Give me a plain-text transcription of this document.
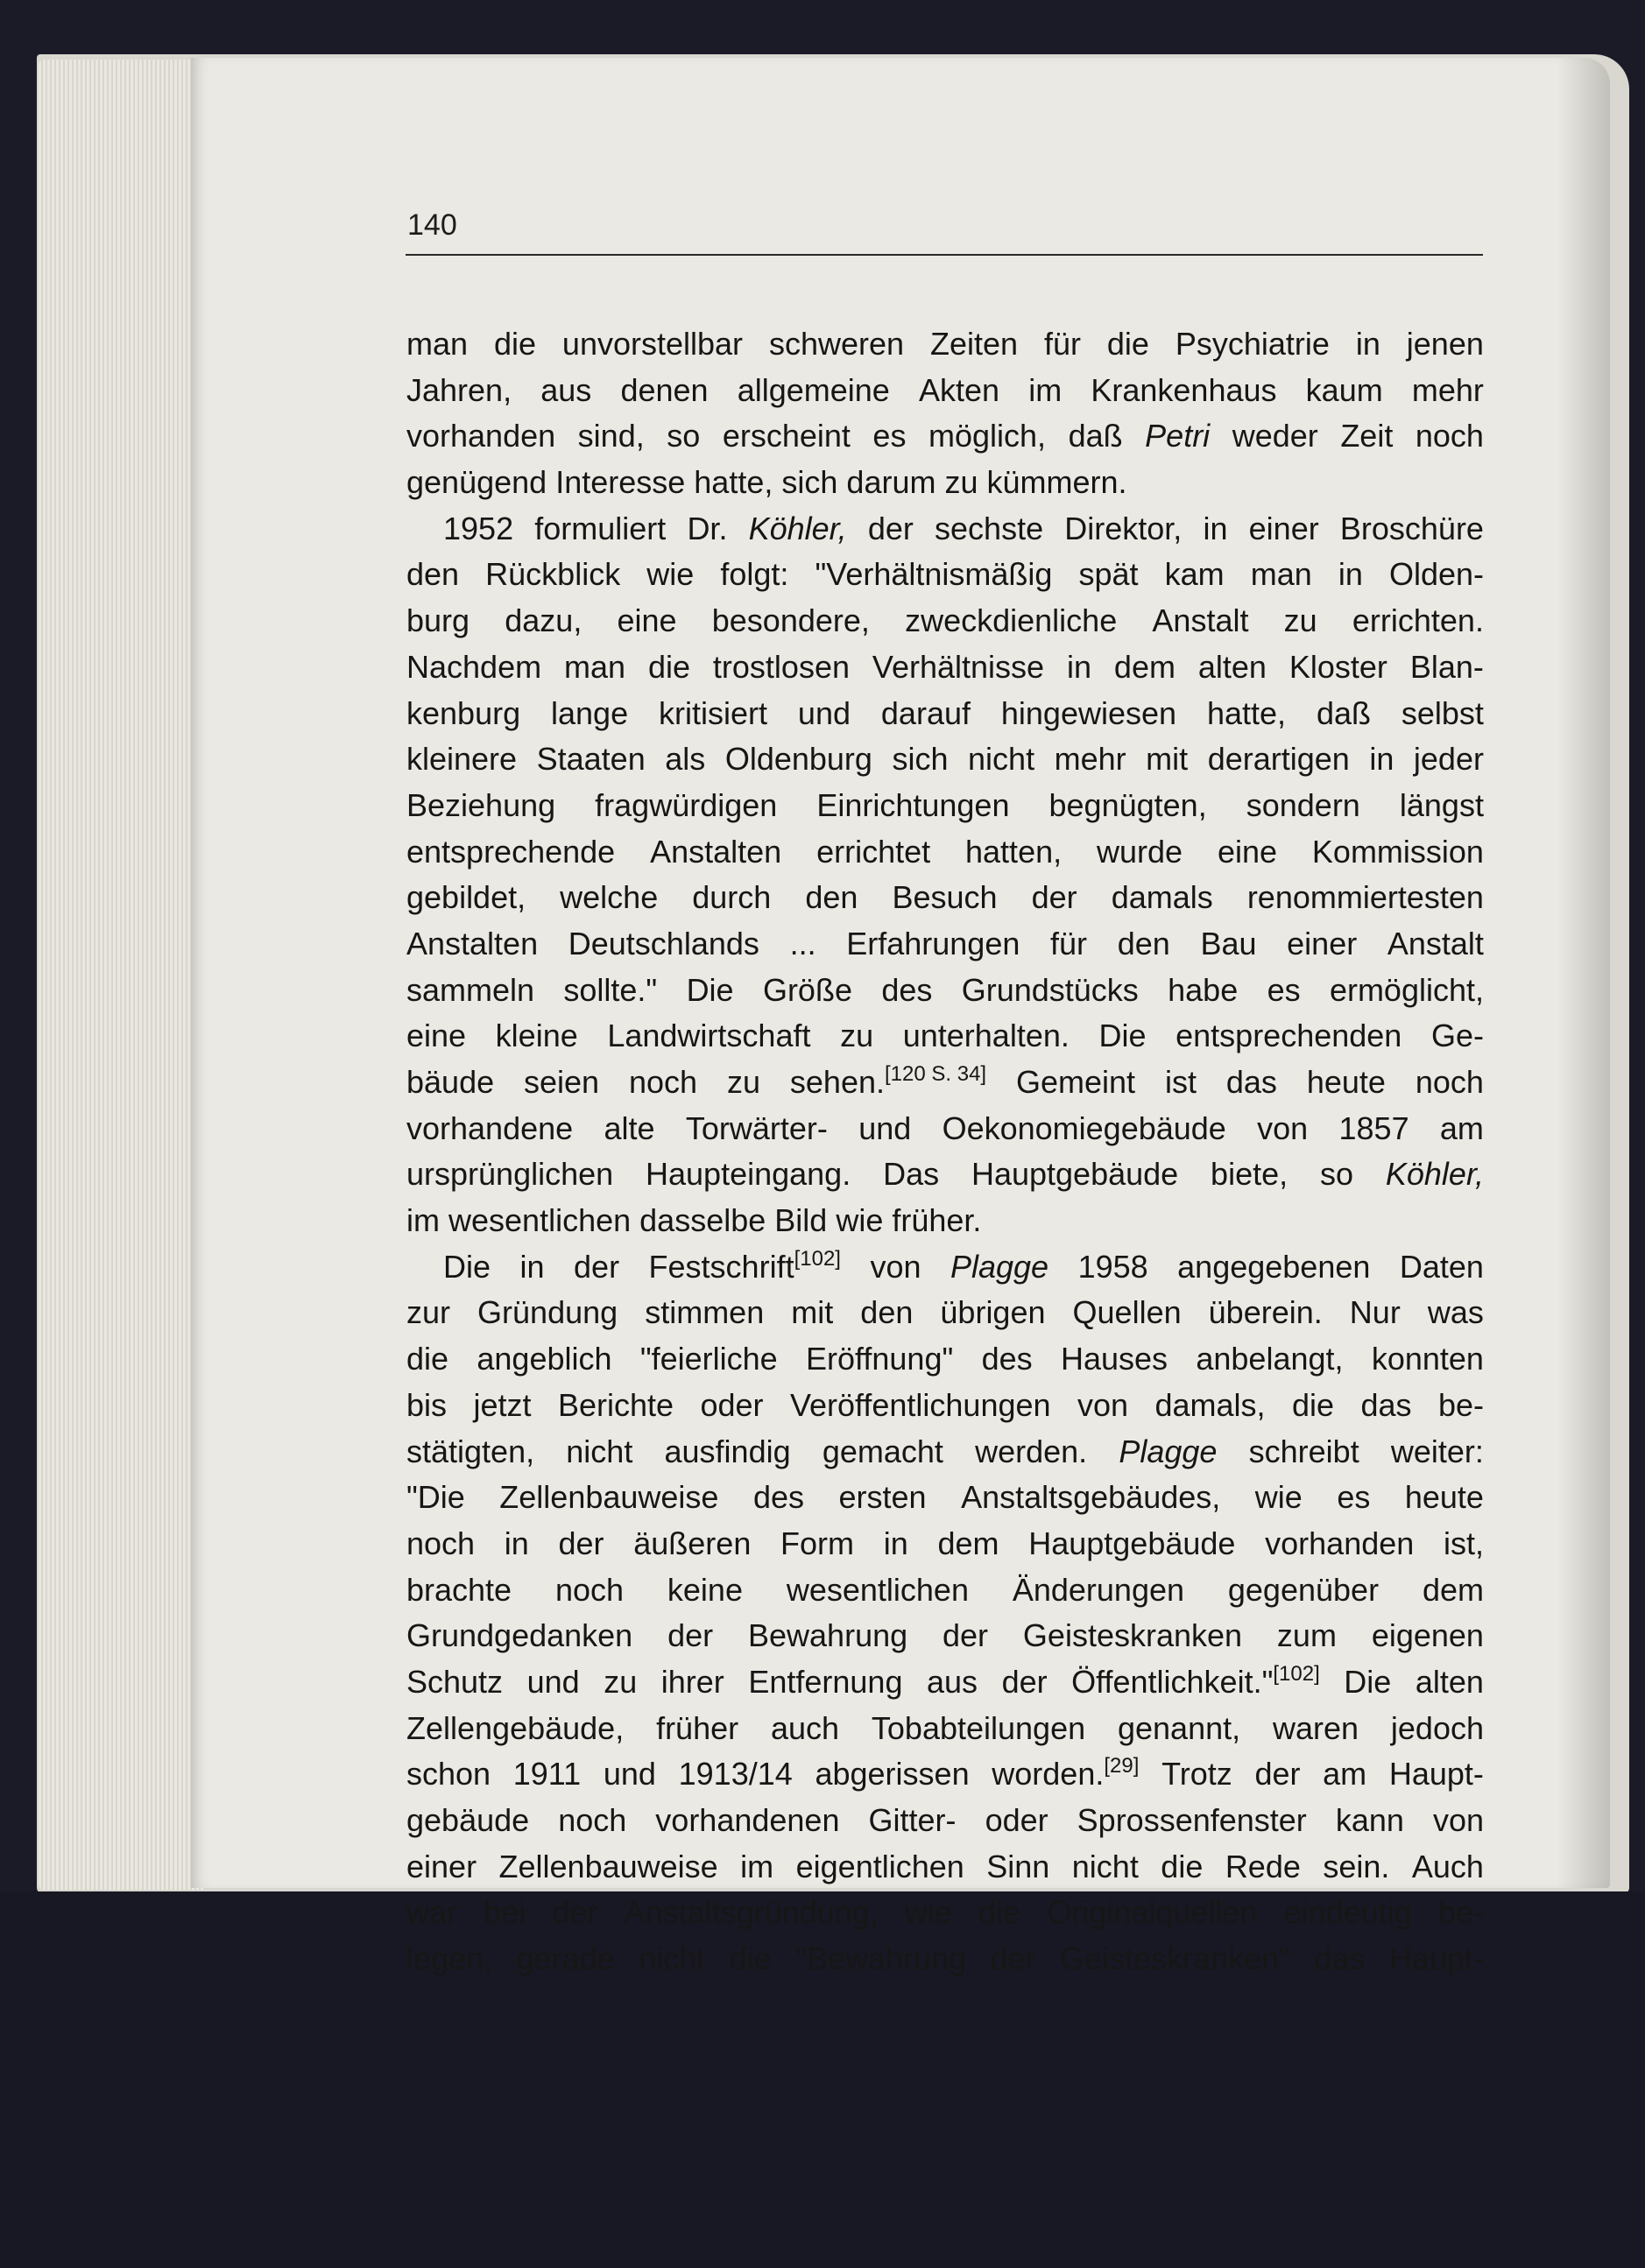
140
man die unvorstellbar schweren Zeiten für die Psychiatrie in jenen
Jahren, aus denen allgemeine Akten im Krankenhaus kaum mehr
vorhanden sind, so erscheint es möglich, daß Petri weder Zeit noch
genügend
Interesse
hatte,
sich
darum
zu
kümmern.
1952 formuliert Dr. Köhler, der sechste Direktor, in einer Broschüre
den Rückblick wie folgt: "Verhältnismäßig spät kam man in Olden-
burg dazu, eine besondere, zweckdienliche Anstalt zu errichten.
Nachdem man die trostlosen Verhältnisse in dem alten Kloster Blan-
kenburg lange kritisiert und darauf hingewiesen hatte, daß selbst
kleinere Staaten als Oldenburg sich nicht mehr mit derartigen in jeder
Beziehung fragwürdigen Einrichtungen begnügten, sondern längst
entsprechende Anstalten errichtet hatten, wurde eine Kommission
gebildet, welche durch den Besuch der damals renommiertesten
Anstalten Deutschlands ... Erfahrungen für den Bau einer Anstalt
sammeln sollte." Die Größe des Grundstücks habe es ermöglicht,
eine kleine Landwirtschaft zu unterhalten. Die entsprechenden Ge-
bäude seien noch zu sehen.[120 S. 34] Gemeint ist das heute noch
vorhandene alte Torwärter- und Oekonomiegebäude von 1857 am
ursprünglichen Haupteingang. Das Hauptgebäude biete, so Köhler,
im
wesentlichen
dasselbe
Bild
wie
früher.
Die in der Festschrift[102] von Plagge 1958 angegebenen Daten
zur Gründung stimmen mit den übrigen Quellen überein. Nur was
die angeblich "feierliche Eröffnung" des Hauses anbelangt, konnten
bis jetzt Berichte oder Veröffentlichungen von damals, die das be-
stätigten, nicht ausfindig gemacht werden. Plagge schreibt weiter:
"Die Zellenbauweise des ersten Anstaltsgebäudes, wie es heute
noch in der äußeren Form in dem Hauptgebäude vorhanden ist,
brachte noch keine wesentlichen Änderungen gegenüber dem
Grundgedanken der Bewahrung der Geisteskranken zum eigenen
Schutz und zu ihrer Entfernung aus der Öffentlichkeit."[102] Die alten
Zellengebäude, früher auch Tobabteilungen genannt, waren jedoch
schon 1911 und 1913/14 abgerissen worden.[29] Trotz der am Haupt-
gebäude noch vorhandenen Gitter- oder Sprossenfenster kann von
einer Zellenbauweise im eigentlichen Sinn nicht die Rede sein. Auch
war bei der Anstaltsgründung, wie die Originalquellen eindeutig be-
legen, gerade nicht die "Bewahrung der Geisteskranken" das Haupt-
